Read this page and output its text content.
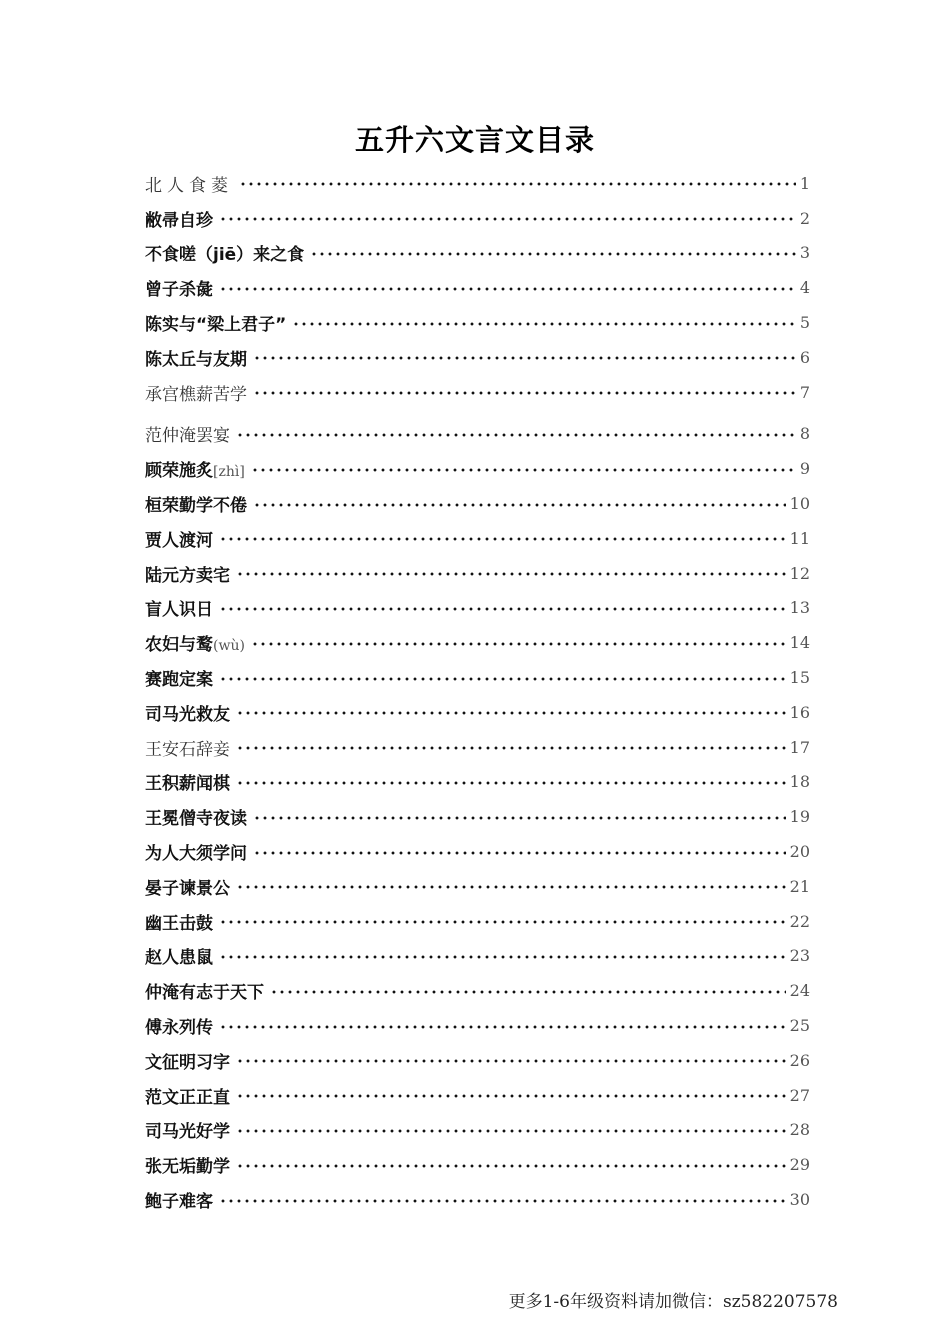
五升六文言文目录
北人食菱	1
敝帚自珍	2
不食嗟（jiē）来之食	3
曾子杀彘	4
陈实与“梁上君子”	5
陈太丘与友期	6
承宫樵薪苦学	7
范仲淹罢宴	8
顾荣施炙[zhì]	9
桓荣勤学不倦	10
贾人渡河	11
陆元方卖宅	12
盲人识日	13
农妇与鹜(wù)	14
赛跑定案	15
司马光救友	16
王安石辞妾	17
王积薪闻棋	18
王冕僧寺夜读	19
为人大须学问	20
晏子谏景公	21
幽王击鼓	22
赵人患鼠	23
仲淹有志于天下	24
傅永列传	25
文征明习字	26
范文正正直	27
司马光好学	28
张无垢勤学	29
鲍子难客	30
更多1-6年级资料请加微信：sz582207578
